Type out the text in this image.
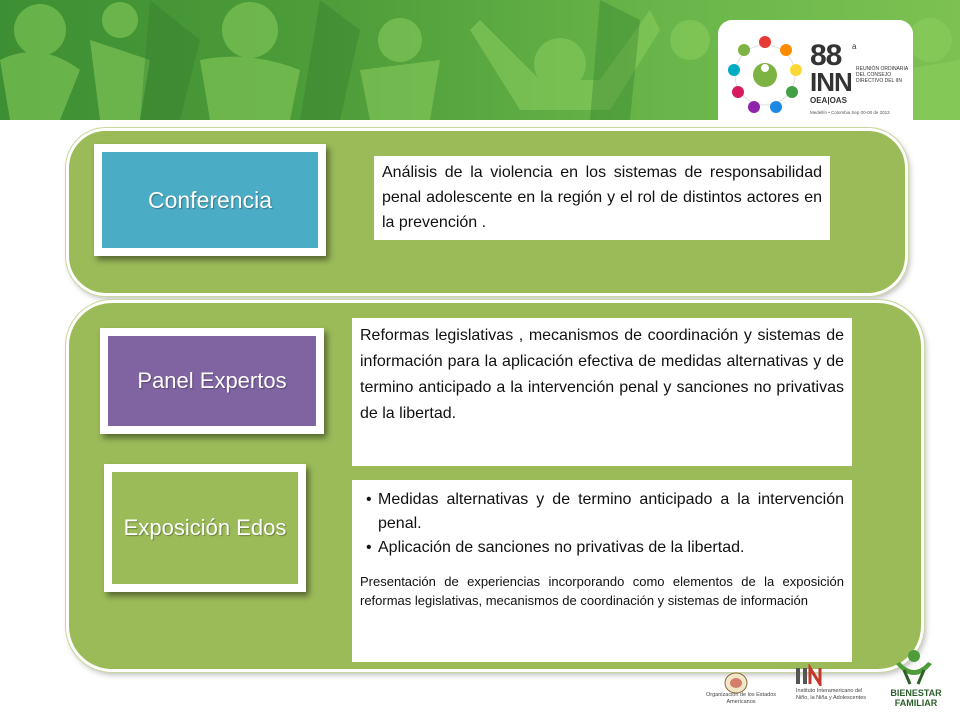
88 a
INN
OEA|OAS
REUNIÓN ORDINARIA DEL CONSEJO DIRECTIVO DEL IIN
Medellín • Colombia Sep 00-00 de 2013
Conferencia
Análisis de la violencia en los sistemas de responsabilidad penal adolescente en la región y el rol de distintos actores en la prevención .
Panel Expertos
Reformas legislativas , mecanismos de coordinación y sistemas de información para la aplicación efectiva de medidas alternativas y de termino anticipado a la intervención penal y sanciones no privativas de la libertad.
Exposición Edos
• Medidas alternativas y de termino anticipado a la intervención penal.
• Aplicación de sanciones no privativas de la libertad.
Presentación de experiencias incorporando como elementos de la exposición reformas legislativas, mecanismos de coordinación y sistemas de información
Organización de los Estados Americanos
Instituto Interamericano del Niño, la Niña y Adolescentes	BIENESTAR FAMILIAR
